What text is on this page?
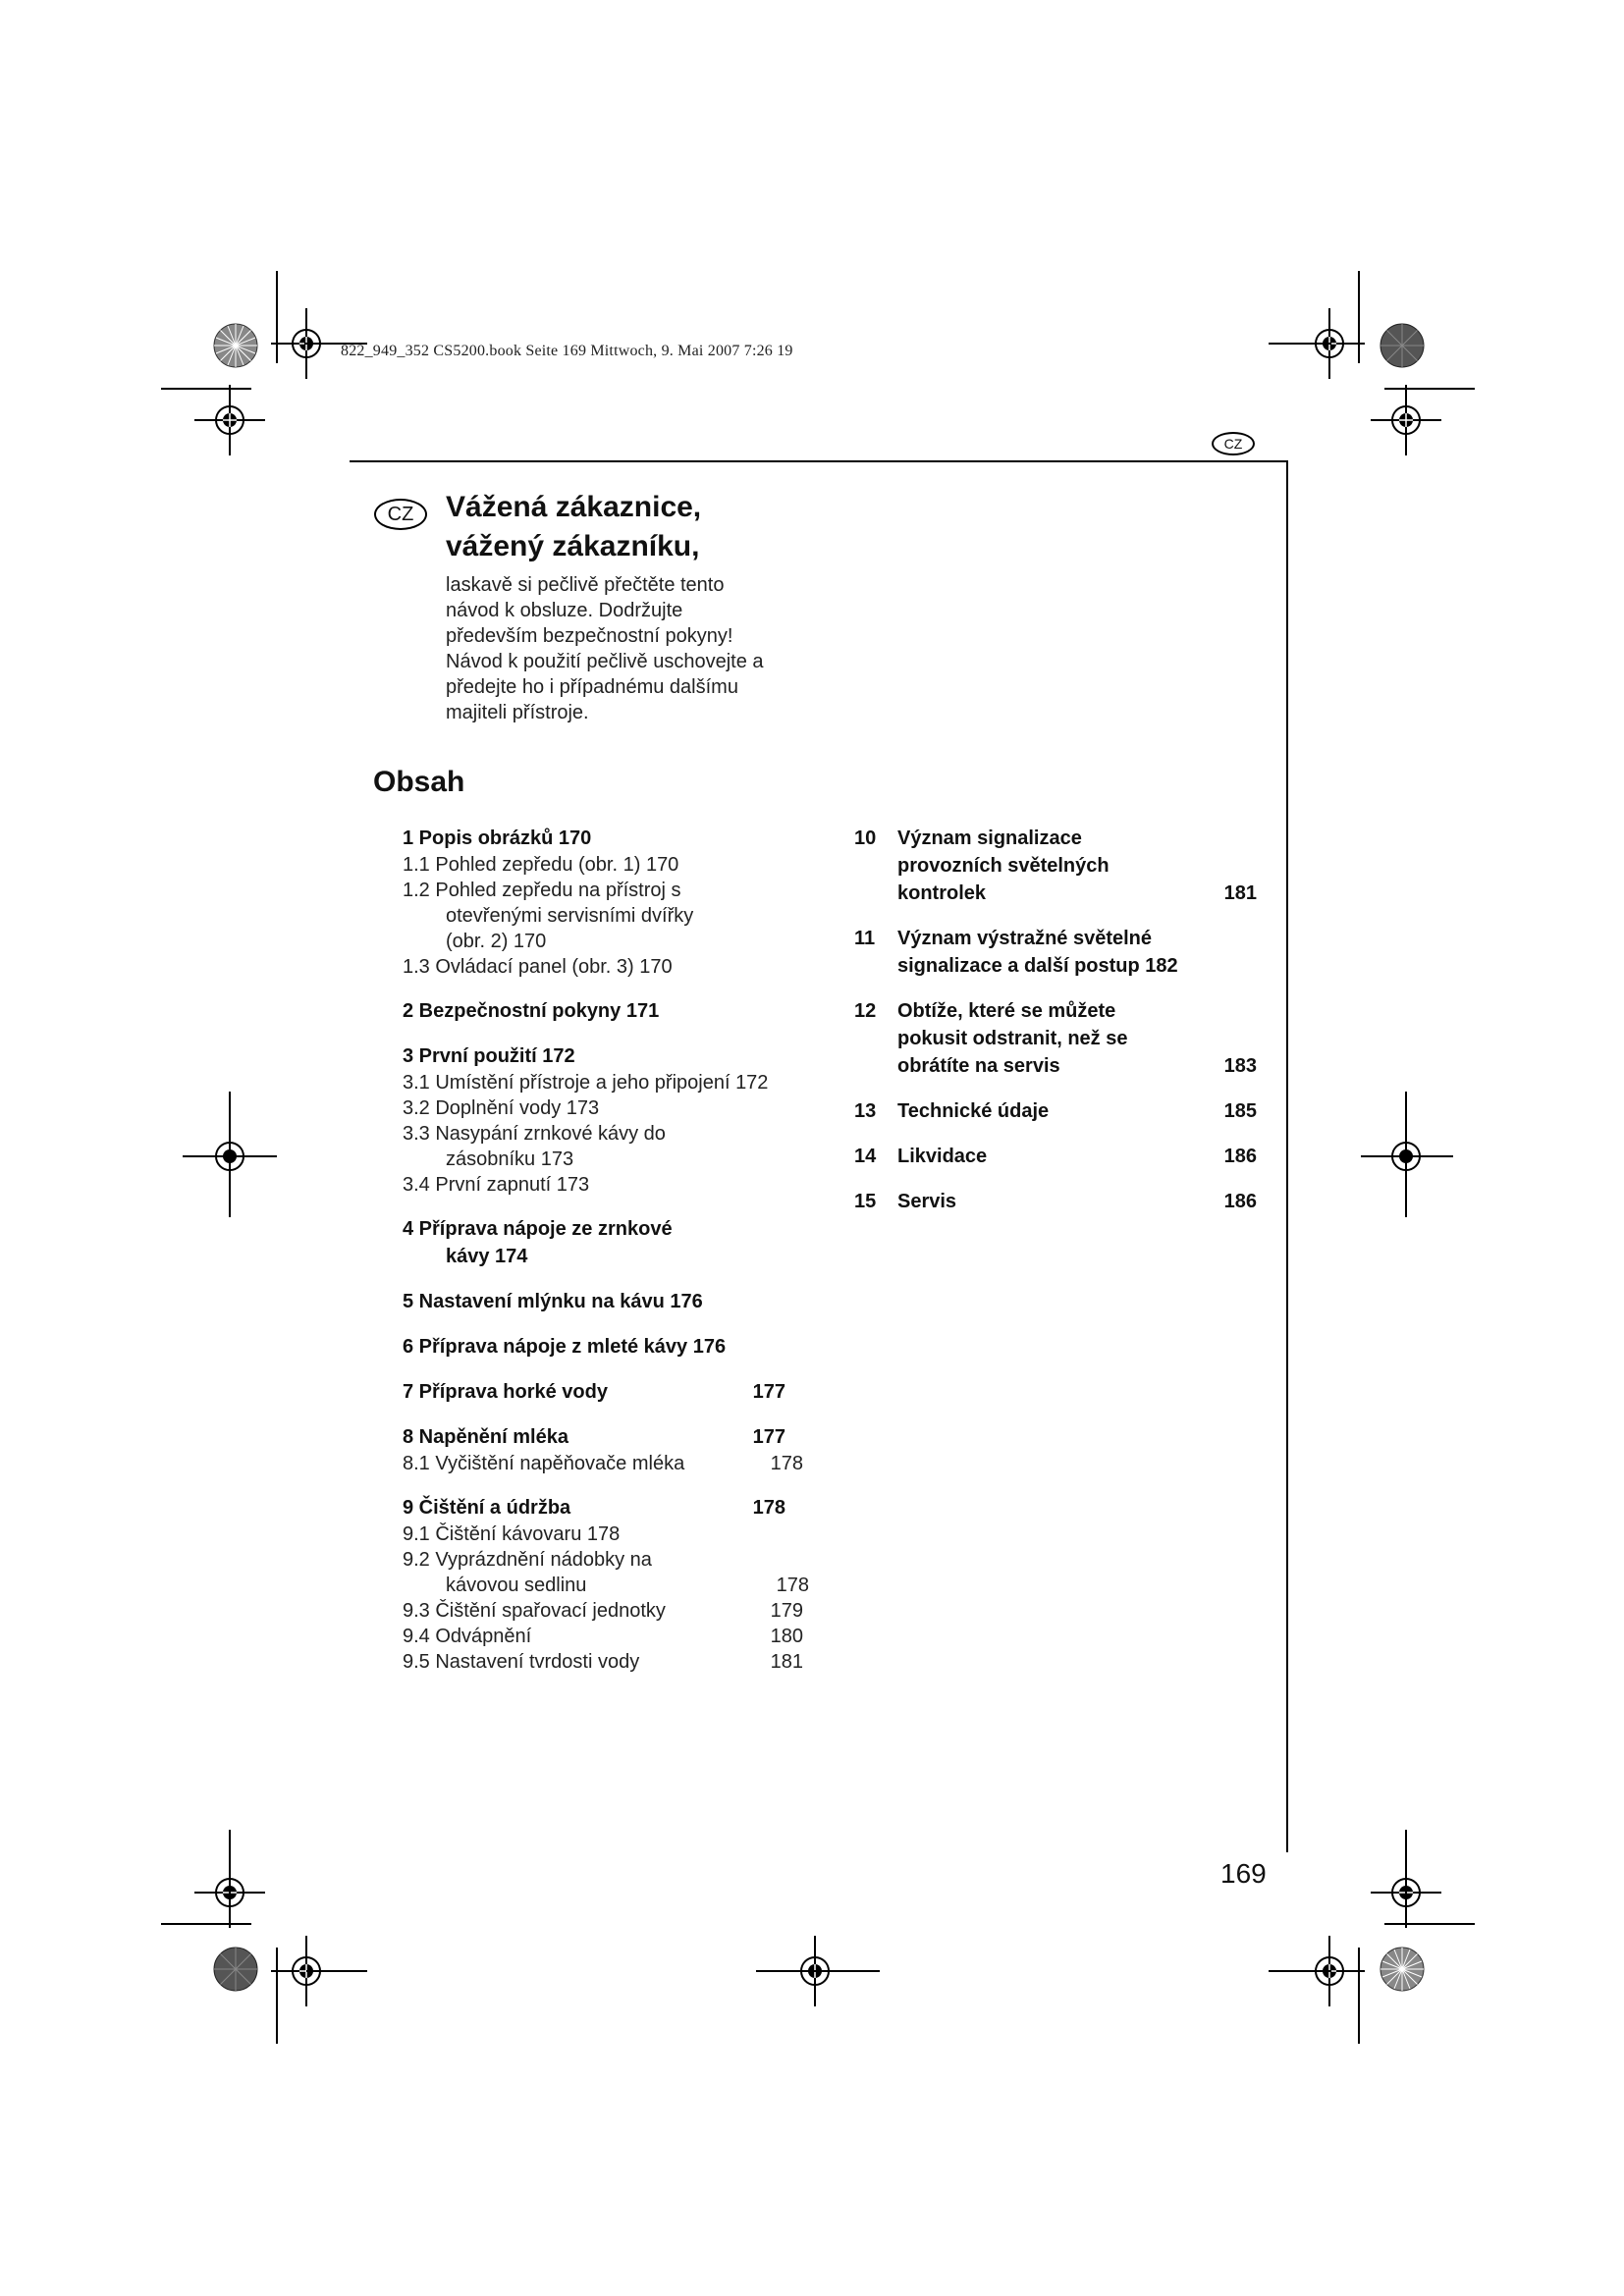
822_949_352 CS5200.book Seite 169 Mittwoch, 9. Mai 2007 7:26 19
CZ
CZ	Vážená zákaznice,
vážený zákazníku,

laskavě si pečlivě přečtěte tento
návod k obsluze. Dodržujte
především bezpečnostní pokyny!
Návod k použití pečlivě uschovejte a
předejte ho i případnému dalšímu
majiteli přístroje.

Obsah
1 Popis obrázků 170
1.1 Pohled zepředu (obr. 1) 170
1.2 Pohled zepředu na přístroj s
otevřenými servisními dvířky
(obr. 2) 170
1.3 Ovládací panel (obr. 3) 170
2 Bezpečnostní pokyny 171
3 První použití 172
3.1 Umístění přístroje a jeho připojení 172
3.2 Doplnění vody 173
3.3 Nasypání zrnkové kávy do
zásobníku 173
3.4 První zapnutí 173
4 Příprava nápoje ze zrnkové
kávy 174
5 Nastavení mlýnku na kávu 176
6 Příprava nápoje z mleté kávy 176
7 Příprava horké vody	177
8 Napěnění mléka	177
8.1 Vyčištění napěňovače mléka	178
9 Čištění a údržba	178
9.1 Čištění kávovaru 178
9.2 Vyprázdnění nádobky na
kávovou sedlinu	178
9.3 Čištění spařovací jednotky	179
9.4 Odvápnění	180
9.5 Nastavení tvrdosti vody	181
10 Význam signalizace
provozních světelných
kontrolek	181
11 Význam výstražné světelné
signalizace a další postup 182
12 Obtíže, které se můžete
pokusit odstranit, než se
obrátíte na servis	183
13 Technické údaje	185
14 Likvidace	186
15 Servis	186
169
